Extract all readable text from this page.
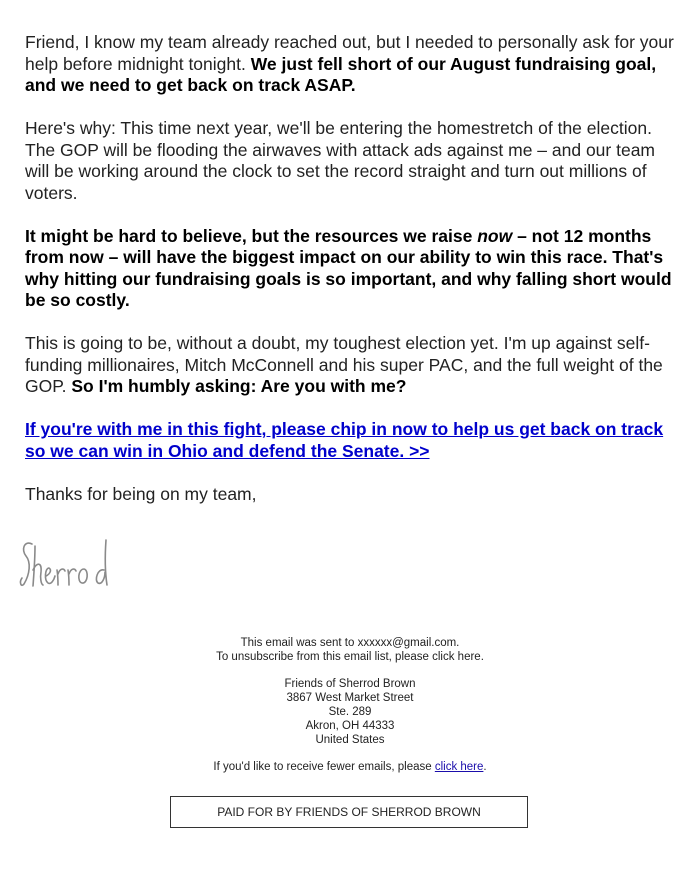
Friend, I know my team already reached out, but I needed to personally ask for your help before midnight tonight. We just fell short of our August fundraising goal, and we need to get back on track ASAP.

Here's why: This time next year, we'll be entering the homestretch of the election. The GOP will be flooding the airwaves with attack ads against me – and our team will be working around the clock to set the record straight and turn out millions of voters.

It might be hard to believe, but the resources we raise now – not 12 months from now – will have the biggest impact on our ability to win this race. That's why hitting our fundraising goals is so important, and why falling short would be so costly.

This is going to be, without a doubt, my toughest election yet. I'm up against self-funding millionaires, Mitch McConnell and his super PAC, and the full weight of the GOP. So I'm humbly asking: Are you with me?

If you're with me in this fight, please chip in now to help us get back on track so we can win in Ohio and defend the Senate. >>

Thanks for being on my team,

This email was sent to xxxxxx@gmail.com.

To unsubscribe from this email list, please click here.

Friends of Sherrod Brown

3867 West Market Street

Ste. 289

Akron, OH 44333

United States

If you'd like to receive fewer emails, please click here.

PAID FOR BY FRIENDS OF SHERROD BROWN
